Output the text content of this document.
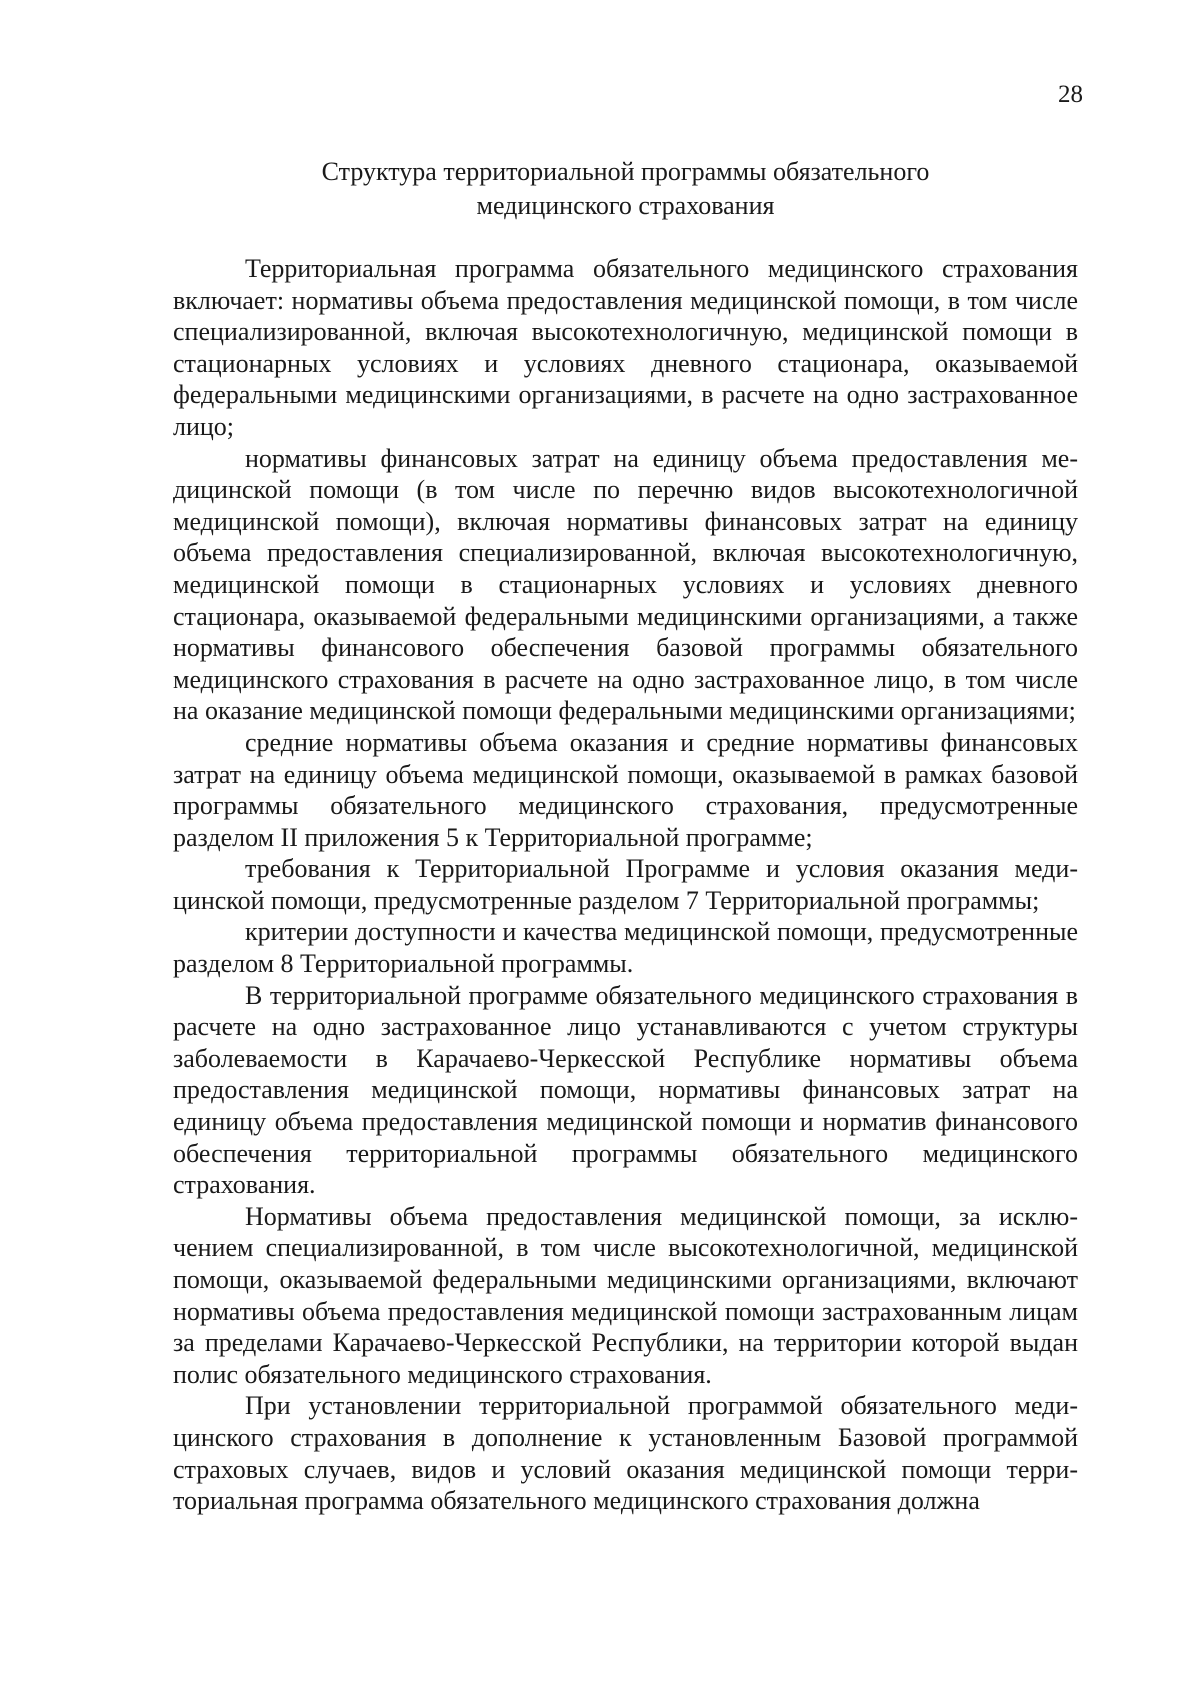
28
Структура территориальной программы обязательного
медицинского страхования

Территориальная программа обязательного медицинского страхования включает: нормативы объема предоставления медицинской помощи, в том числе специализированной, включая высокотехнологичную, медицинской помощи в стационарных условиях и условиях дневного стационара, оказываемой федеральными медицинскими организациями, в расчете на одно застрахованное лицо;

нормативы финансовых затрат на единицу объема предоставления медицинской помощи (в том числе по перечню видов высокотехнологичной медицинской помощи), включая нормативы финансовых затрат на единицу объема предоставления специализированной, включая высокотехнологичную, медицинской помощи в стационарных условиях и условиях дневного стационара, оказываемой федеральными медицинскими организациями, а также нормативы финансового обеспечения базовой программы обязательного медицинского страхования в расчете на одно застрахованное лицо, в том числе на оказание медицинской помощи федеральными медицинскими организациями;

средние нормативы объема оказания и средние нормативы финансовых затрат на единицу объема медицинской помощи, оказываемой в рамках базовой программы обязательного медицинского страхования, предусмотренные разделом II приложения 5 к Территориальной программе;

требования к Территориальной Программе и условия оказания медицинской помощи, предусмотренные разделом 7 Территориальной программы;

критерии доступности и качества медицинской помощи, предусмотренные разделом 8 Территориальной программы.

В территориальной программе обязательного медицинского страхования в расчете на одно застрахованное лицо устанавливаются с учетом структуры заболеваемости в Карачаево-Черкесской Республике нормативы объема предоставления медицинской помощи, нормативы финансовых затрат на единицу объема предоставления медицинской помощи и норматив финансового обеспечения территориальной программы обязательного медицинского страхования.

Нормативы объема предоставления медицинской помощи, за исключением специализированной, в том числе высокотехнологичной, медицинской помощи, оказываемой федеральными медицинскими организациями, включают нормативы объема предоставления медицинской помощи застрахованным лицам за пределами Карачаево-Черкесской Республики, на территории которой выдан полис обязательного медицинского страхования.

При установлении территориальной программой обязательного медицинского страхования в дополнение к установленным Базовой программой страховых случаев, видов и условий оказания медицинской помощи территориальная программа обязательного медицинского страхования должна
